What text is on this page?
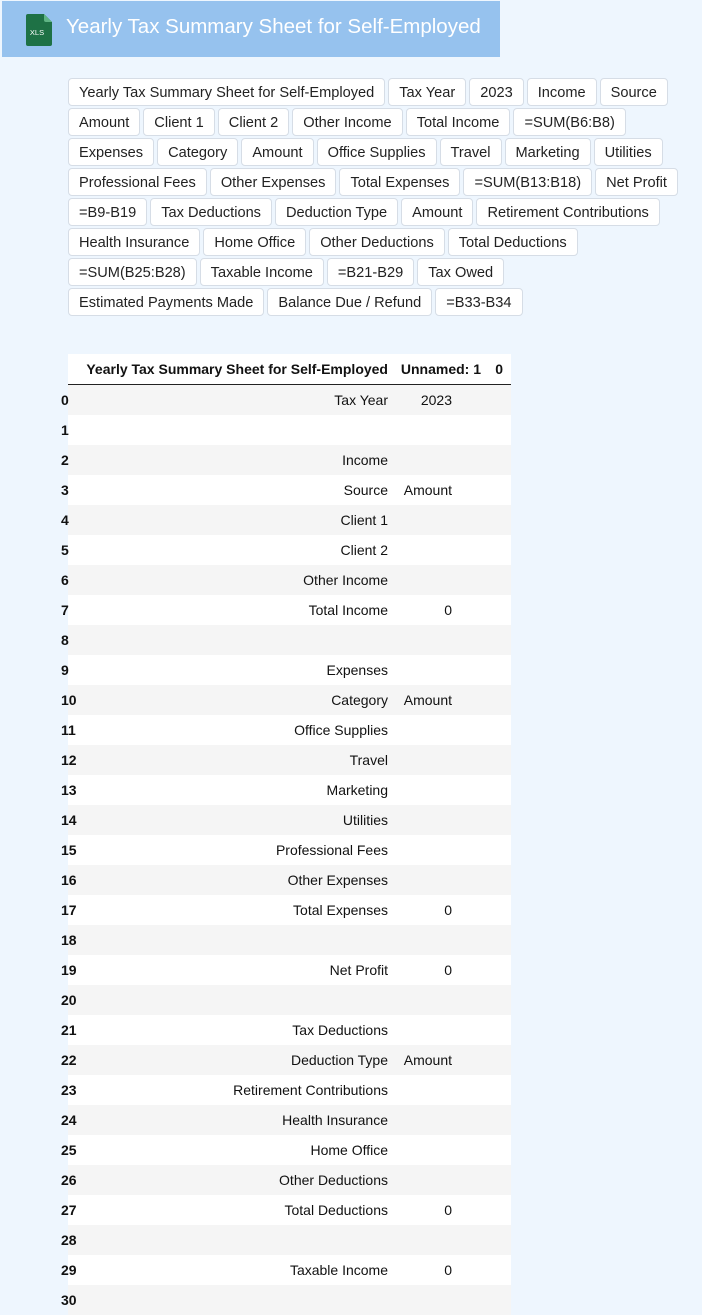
XLS Yearly Tax Summary Sheet for Self-Employed
Yearly Tax Summary Sheet for Self-Employed	Tax Year	2023	Income	Source
Amount	Client 1	Client 2	Other Income	Total Income	=SUM(B6:B8)
Expenses	Category	Amount	Office Supplies	Travel	Marketing	Utilities
Professional Fees	Other Expenses	Total Expenses	=SUM(B13:B18)	Net Profit
=B9-B19	Tax Deductions	Deduction Type	Amount	Retirement Contributions
Health Insurance	Home Office	Other Deductions	Total Deductions
=SUM(B25:B28)	Taxable Income	=B21-B29	Tax Owed
Estimated Payments Made	Balance Due / Refund	=B33-B34
	Yearly Tax Summary Sheet for Self-Employed	Unnamed: 1	0
0	Tax Year	2023	
1			
2	Income		
3	Source	Amount	
4	Client 1		
5	Client 2		
6	Other Income		
7	Total Income	0	
8			
9	Expenses		
10	Category	Amount	
11	Office Supplies		
12	Travel		
13	Marketing		
14	Utilities		
15	Professional Fees		
16	Other Expenses		
17	Total Expenses	0	
18			
19	Net Profit	0	
20			
21	Tax Deductions		
22	Deduction Type	Amount	
23	Retirement Contributions		
24	Health Insurance		
25	Home Office		
26	Other Deductions		
27	Total Deductions	0	
28			
29	Taxable Income	0	
30			
